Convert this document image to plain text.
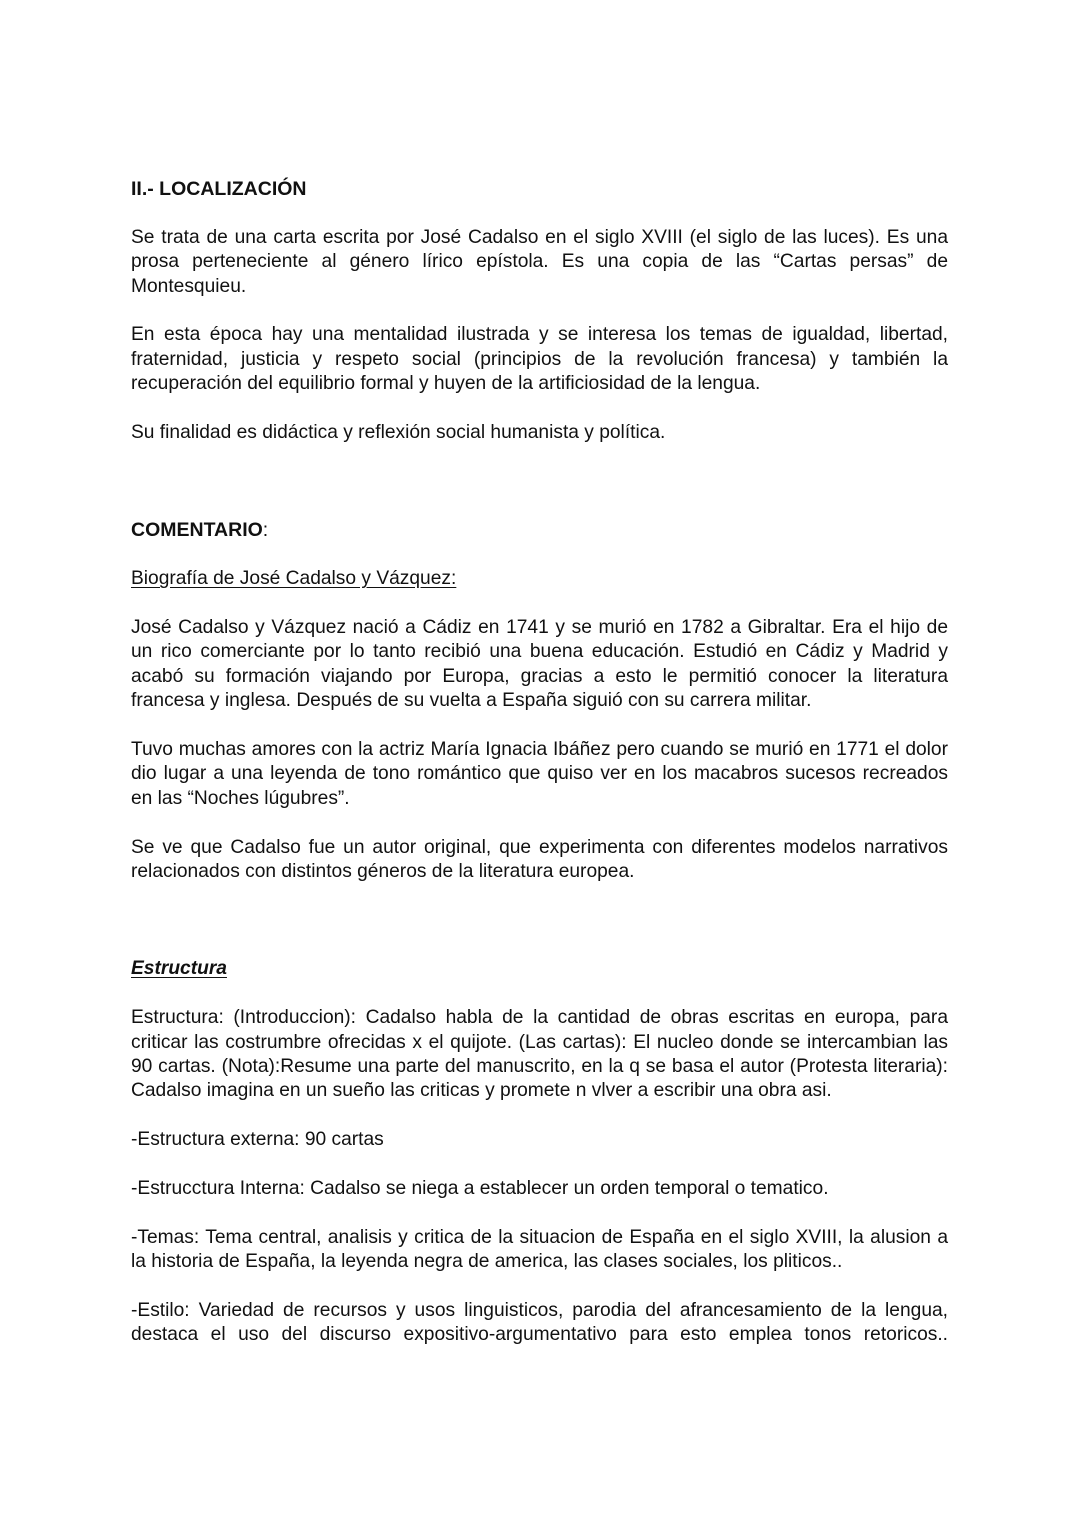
II.- LOCALIZACIÓN

Se trata de una carta escrita por José Cadalso en el siglo XVIII (el siglo de las luces). Es una prosa perteneciente al género lírico epístola. Es una copia de las “Cartas persas” de Montesquieu.

En esta época hay una mentalidad ilustrada y se interesa los temas de igualdad, libertad, fraternidad, justicia y respeto social (principios de la revolución francesa) y también la recuperación del equilibrio formal y huyen de la artificiosidad de la lengua.

Su finalidad es didáctica y reflexión social humanista y política.

COMENTARIO:

Biografía de José Cadalso y Vázquez:

José Cadalso y Vázquez nació a Cádiz en 1741 y se murió en 1782 a Gibraltar. Era el hijo de un rico comerciante por lo tanto recibió una buena educación. Estudió en Cádiz y Madrid y acabó su formación viajando por Europa, gracias a esto le permitió conocer la literatura francesa y inglesa. Después de su vuelta a España siguió con su carrera militar.

Tuvo muchas amores con la actriz María Ignacia Ibáñez pero cuando se murió en 1771 el dolor dio lugar a una leyenda de tono romántico que quiso ver en los macabros sucesos recreados en las “Noches lúgubres”.

Se ve que Cadalso fue un autor original, que experimenta con diferentes modelos narrativos relacionados con distintos géneros de la literatura europea.

Estructura

Estructura: (Introduccion): Cadalso habla de la cantidad de obras escritas en europa, para criticar las costrumbre ofrecidas x el quijote. (Las cartas): El nucleo donde se intercambian las 90 cartas. (Nota):Resume una parte del manuscrito, en la q se basa el autor (Protesta literaria): Cadalso imagina en un sueño las criticas y promete n vlver a escribir una obra asi.

-Estructura externa: 90 cartas

-Estrucctura Interna: Cadalso se niega a establecer un orden temporal o tematico.

-Temas: Tema central, analisis y critica de la situacion de España en el siglo XVIII, la alusion a la historia de España, la leyenda negra de america, las clases sociales, los pliticos..

-Estilo: Variedad de recursos y usos linguisticos, parodia del afrancesamiento de la lengua, destaca el uso del discurso expositivo-argumentativo para esto emplea tonos retoricos..
